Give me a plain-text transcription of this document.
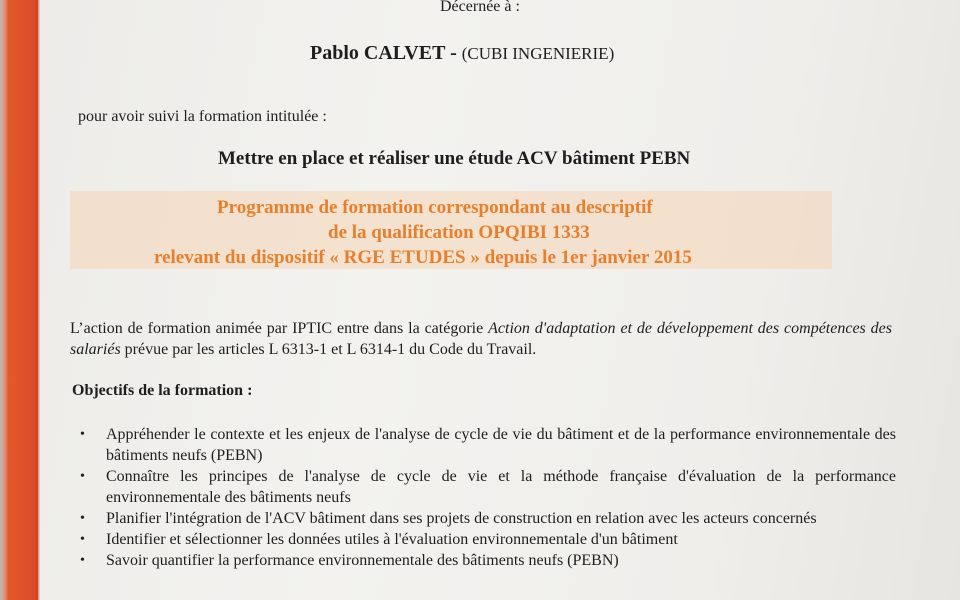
Décernée à :
Pablo CALVET - (CUBI INGENIERIE)
pour avoir suivi la formation intitulée :
Mettre en place et réaliser une étude ACV bâtiment PEBN
Programme de formation correspondant au descriptif
de la qualification OPQIBI 1333
relevant du dispositif « RGE ETUDES » depuis le 1er janvier 2015
L’action de formation animée par IPTIC entre dans la catégorie Action d'adaptation et de développement des compétences des salariés prévue par les articles L 6313-1 et L 6314-1 du Code du Travail.
Objectifs de la formation :
• Appréhender le contexte et les enjeux de l'analyse de cycle de vie du bâtiment et de la performance environnementale des bâtiments neufs (PEBN)
• Connaître les principes de l'analyse de cycle de vie et la méthode française d'évaluation de la performance environnementale des bâtiments neufs
• Planifier l'intégration de l'ACV bâtiment dans ses projets de construction en relation avec les acteurs concernés
• Identifier et sélectionner les données utiles à l'évaluation environnementale d'un bâtiment
• Savoir quantifier la performance environnementale des bâtiments neufs (PEBN)
